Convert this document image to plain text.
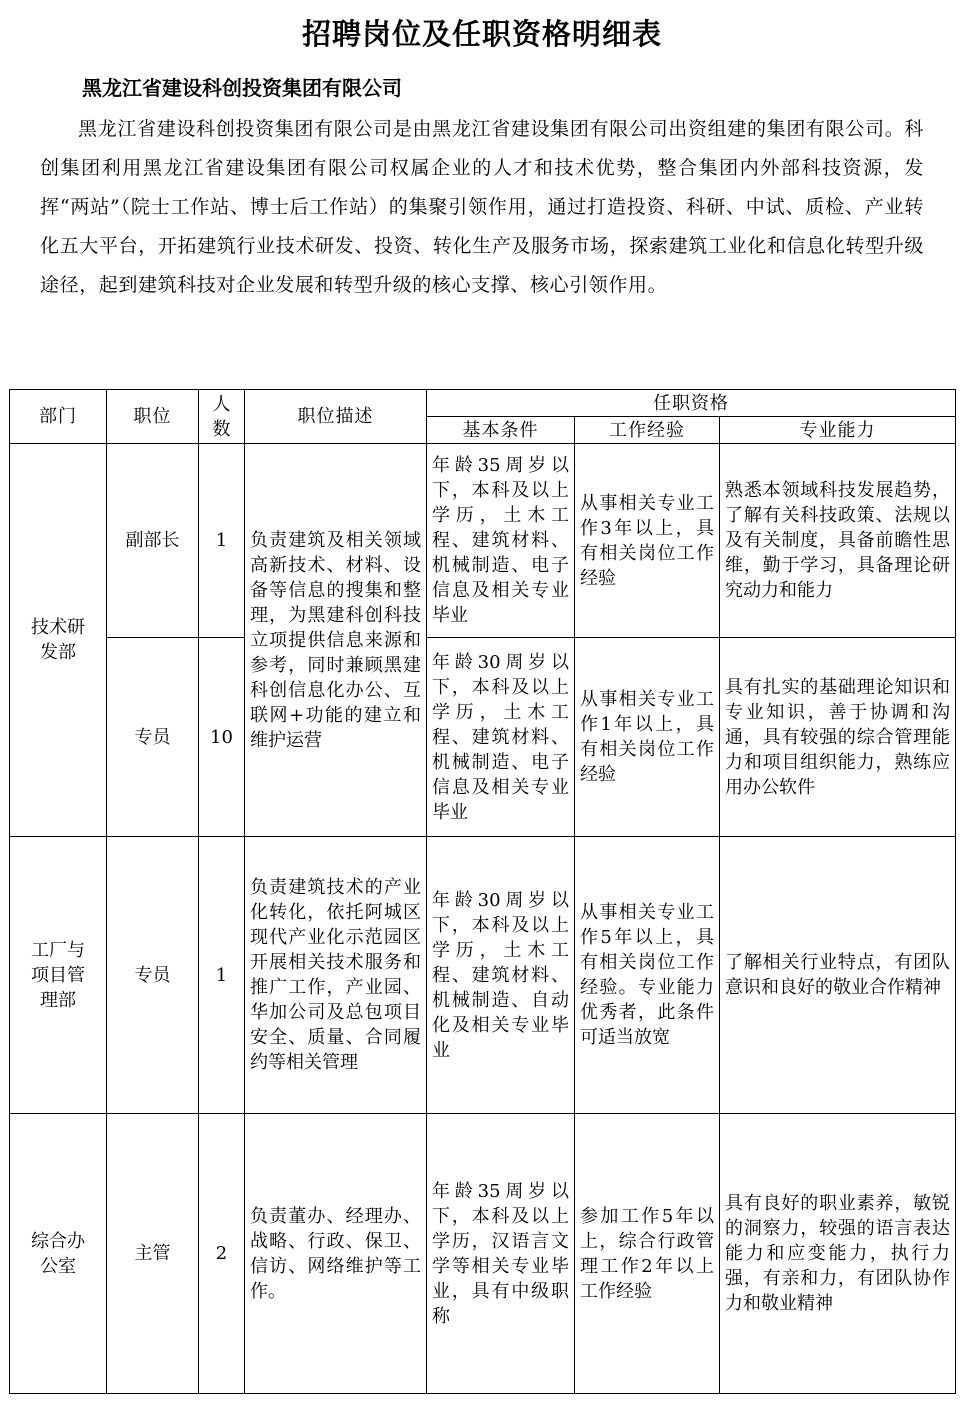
招聘岗位及任职资格明细表
黑龙江省建设科创投资集团有限公司

黑龙江省建设科创投资集团有限公司是由黑龙江省建设集团有限公司出资组建的集团有限公司。科创集团利用黑龙江省建设集团有限公司权属企业的人才和技术优势，整合集团内外部科技资源，发挥“两站”（院士工作站、博士后工作站）的集聚引领作用，通过打造投资、科研、中试、质检、产业转化五大平台，开拓建筑行业技术研发、投资、转化生产及服务市场，探索建筑工业化和信息化转型升级途径，起到建筑科技对企业发展和转型升级的核心支撑、核心引领作用。

部门	职位	人数	职位描述	任职资格		
				基本条件	工作经验	专业能力
技术研发部	副部长	1	负责建筑及相关领域高新技术、材料、设备等信息的搜集和整理，为黑建科创科技立项提供信息来源和参考，同时兼顾黑建科创信息化办公、互联网+功能的建立和维护运营	年龄35周岁以下，本科及以上学历，土木工程、建筑材料、机械制造、电子信息及相关专业毕业	从事相关专业工作3年以上，具有相关岗位工作经验	熟悉本领域科技发展趋势，了解有关科技政策、法规以及有关制度，具备前瞻性思维，勤于学习，具备理论研究动力和能力
	专员	10		年龄30周岁以下，本科及以上学历，土木工程、建筑材料、机械制造、电子信息及相关专业毕业	从事相关专业工作1年以上，具有相关岗位工作经验	具有扎实的基础理论知识和专业知识，善于协调和沟通，具有较强的综合管理能力和项目组织能力，熟练应用办公软件
工厂与项目管理部	专员	1	负责建筑技术的产业化转化，依托阿城区现代产业化示范园区开展相关技术服务和推广工作，产业园、华加公司及总包项目安全、质量、合同履约等相关管理	年龄30周岁以下，本科及以上学历，土木工程、建筑材料、机械制造、自动化及相关专业毕业	从事相关专业工作5年以上，具有相关岗位工作经验。专业能力优秀者，此条件可适当放宽	了解相关行业特点，有团队意识和良好的敬业合作精神
综合办公室	主管	2	负责董办、经理办、战略、行政、保卫、信访、网络维护等工作。	年龄35周岁以下，本科及以上学历，汉语言文学等相关专业毕业，具有中级职称	参加工作5年以上，综合行政管理工作2年以上工作经验	具有良好的职业素养，敏锐的洞察力，较强的语言表达能力和应变能力，执行力强，有亲和力，有团队协作力和敬业精神
